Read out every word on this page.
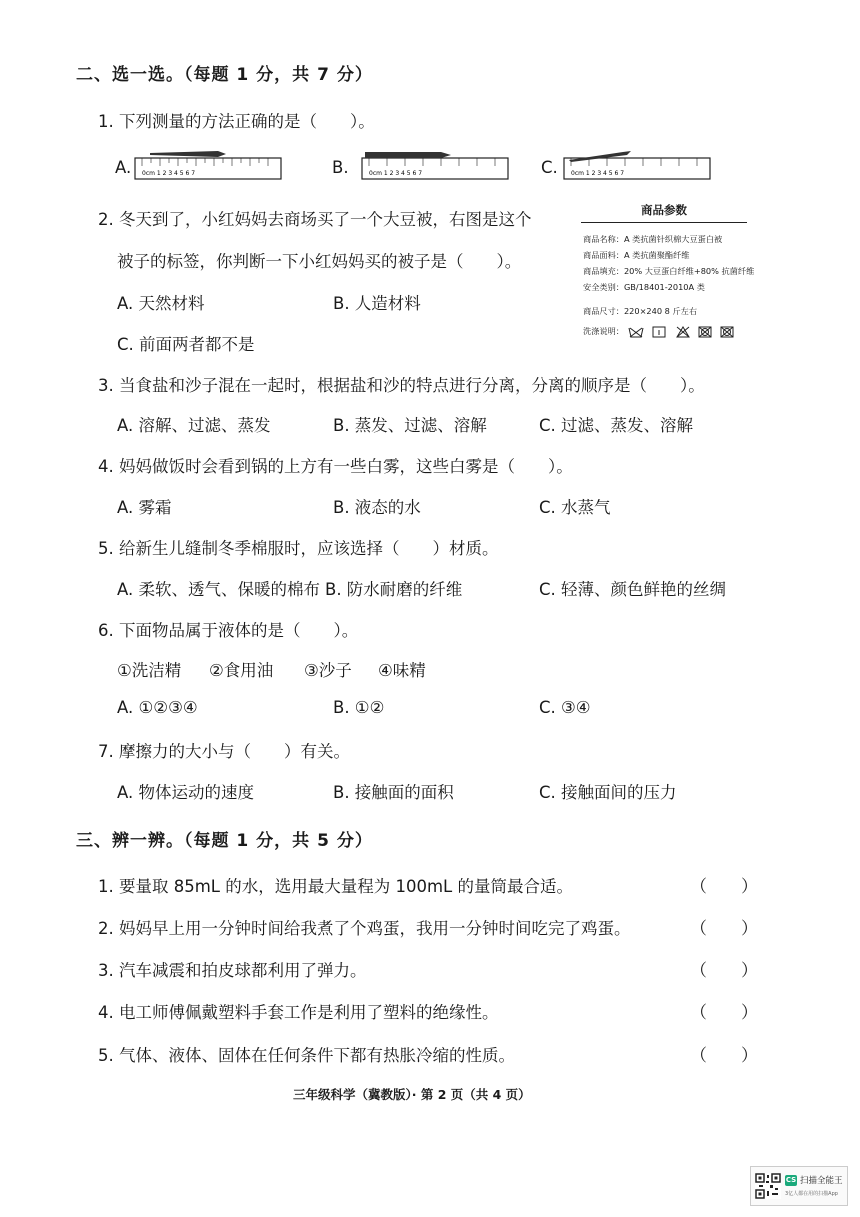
二、选一选。（每题 1 分，共 7 分）
1. 下列测量的方法正确的是（　　）。
A. 0cm 1 2 3 4 5 6 7	B.	0cm 1 2 3 4 5 6 7	C. 0cm 1 2 3 4 5 6 7
2. 冬天到了，小红妈妈去商场买了一个大豆被，右图是这个
被子的标签，你判断一下小红妈妈买的被子是（　　）。
A. 天然材料	B. 人造材料
C. 前面两者都不是
商品参数
商品名称：A 类抗菌针织棉大豆蛋白被
商品面料：A 类抗菌聚酯纤维
商品填充：20% 大豆蛋白纤维+80% 抗菌纤维
安全类别：GB/18401-2010A 类
商品尺寸：220×240 8 斤左右
洗涤说明：
3. 当食盐和沙子混在一起时，根据盐和沙的特点进行分离，分离的顺序是（　　）。
A. 溶解、过滤、蒸发	B. 蒸发、过滤、溶解	C. 过滤、蒸发、溶解
4. 妈妈做饭时会看到锅的上方有一些白雾，这些白雾是（　　）。
A. 雾霜	B. 液态的水	C. 水蒸气
5. 给新生儿缝制冬季棉服时，应该选择（　　）材质。
A. 柔软、透气、保暖的棉布 B. 防水耐磨的纤维	C. 轻薄、颜色鲜艳的丝绸
6. 下面物品属于液体的是（　　）。
①洗洁精 ②食用油 ③沙子 ④味精
A. ①②③④	B. ①②	C. ③④
7. 摩擦力的大小与（　　）有关。
A. 物体运动的速度	B. 接触面的面积	C. 接触面间的压力
三、辨一辨。（每题 1 分，共 5 分）
1. 要量取 85mL 的水，选用最大量程为 100mL 的量筒最合适。	（　　）
2. 妈妈早上用一分钟时间给我煮了个鸡蛋，我用一分钟时间吃完了鸡蛋。	（　　）
3. 汽车减震和拍皮球都利用了弹力。	（　　）
4. 电工师傅佩戴塑料手套工作是利用了塑料的绝缘性。	（　　）
5. 气体、液体、固体在任何条件下都有热胀冷缩的性质。	（　　）
三年级科学（冀教版）· 第 2 页（共 4 页）
CS 扫描全能王
3亿人都在用的扫描App
